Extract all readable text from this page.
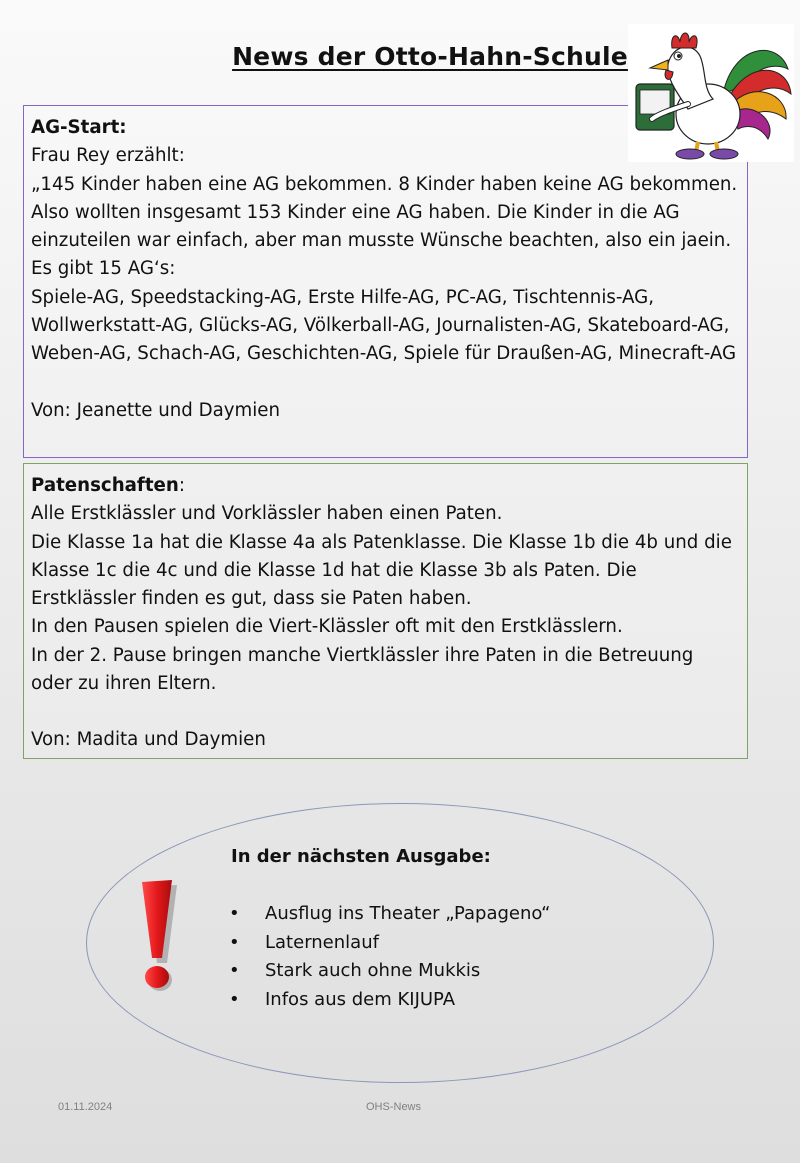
News der Otto-Hahn-Schule

AG-Start:

Frau Rey erzählt:
„145 Kinder haben eine AG bekommen. 8 Kinder haben keine AG bekommen. Also wollten insgesamt 153 Kinder eine AG haben. Die Kinder in die AG einzuteilen war einfach, aber man musste Wünsche beachten, also ein jaein. Es gibt 15 AG‘s:
Spiele-AG, Speedstacking-AG, Erste Hilfe-AG, PC-AG, Tischtennis-AG, Wollwerkstatt-AG, Glücks-AG, Völkerball-AG, Journalisten-AG, Skateboard-AG, Weben-AG, Schach-AG, Geschichten-AG, Spiele für Draußen-AG, Minecraft-AG

Von: Jeanette und Daymien

Patenschaften:

Alle Erstklässler und Vorklässler haben einen Paten.
Die Klasse 1a hat die Klasse 4a als Patenklasse. Die Klasse 1b die 4b und die Klasse 1c die 4c und die Klasse 1d hat die Klasse 3b als Paten. Die Erstklässler finden es gut, dass sie Paten haben.
In den Pausen spielen die Viert-Klässler oft mit den Erstklässlern.
In der 2. Pause bringen manche Viertklässler ihre Paten in die Betreuung oder zu ihren Eltern.

Von: Madita und Daymien

In der nächsten Ausgabe:
•	Ausflug ins Theater „Papageno“
•	Laternenlauf
•	Stark auch ohne Mukkis
•	Infos aus dem KIJUPA
01.11.2024	OHS-News
